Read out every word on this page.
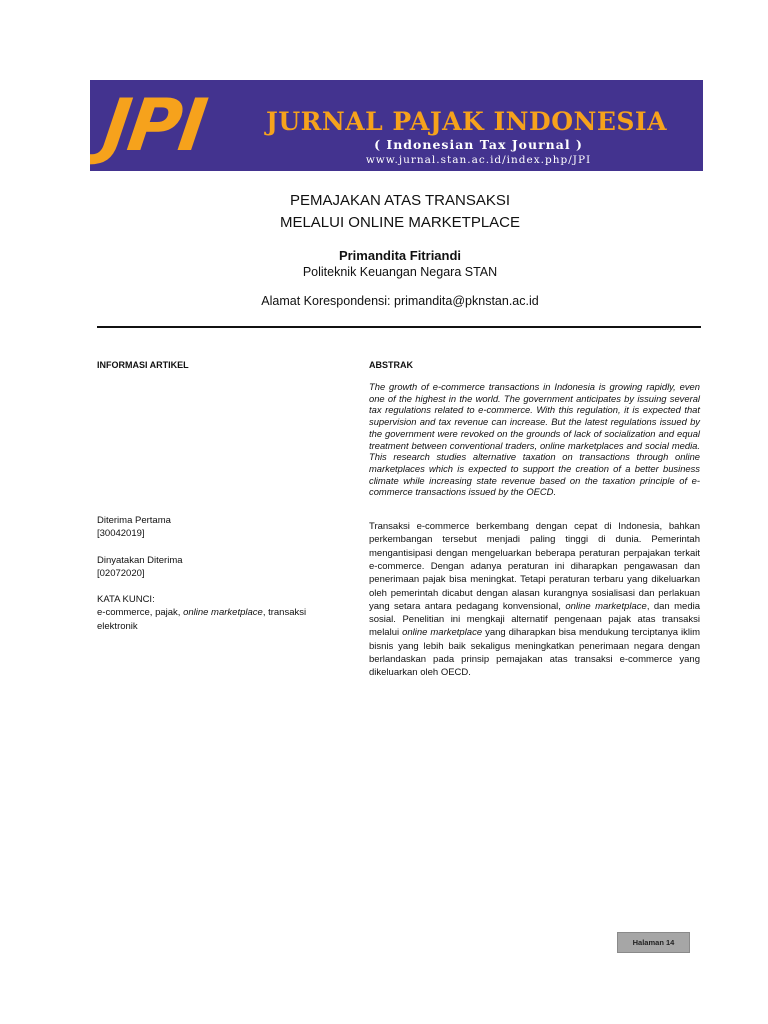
JPI JURNAL PAJAK INDONESIA
( Indonesian Tax Journal )
www.jurnal.stan.ac.id/index.php/JPI
PEMAJAKAN ATAS TRANSAKSI
MELALUI ONLINE MARKETPLACE
Primandita Fitriandi
Politeknik Keuangan Negara STAN
Alamat Korespondensi: primandita@pknstan.ac.id
INFORMASI ARTIKEL
Diterima Pertama
[30042019]
Dinyatakan Diterima
[02072020]
KATA KUNCI:
e-commerce, pajak, online marketplace, transaksi elektronik
ABSTRAK
The growth of e-commerce transactions in Indonesia is growing rapidly, even one of the highest in the world. The government anticipates by issuing several tax regulations related to e-commerce. With this regulation, it is expected that supervision and tax revenue can increase. But the latest regulations issued by the government were revoked on the grounds of lack of socialization and equal treatment between conventional traders, online marketplaces and social media. This research studies alternative taxation on transactions through online marketplaces which is expected to support the creation of a better business climate while increasing state revenue based on the taxation principle of e-commerce transactions issued by the OECD.
Transaksi e-commerce berkembang dengan cepat di Indonesia, bahkan perkembangan tersebut menjadi paling tinggi di dunia. Pemerintah mengantisipasi dengan mengeluarkan beberapa peraturan perpajakan terkait e-commerce. Dengan adanya peraturan ini diharapkan pengawasan dan penerimaan pajak bisa meningkat. Tetapi peraturan terbaru yang dikeluarkan oleh pemerintah dicabut dengan alasan kurangnya sosialisasi dan perlakuan yang setara antara pedagang konvensional, online marketplace, dan media sosial. Penelitian ini mengkaji alternatif pengenaan pajak atas transaksi melalui online marketplace yang diharapkan bisa mendukung terciptanya iklim bisnis yang lebih baik sekaligus meningkatkan penerimaan negara dengan berlandaskan pada prinsip pemajakan atas transaksi e-commerce yang dikeluarkan oleh OECD.
Halaman 14
